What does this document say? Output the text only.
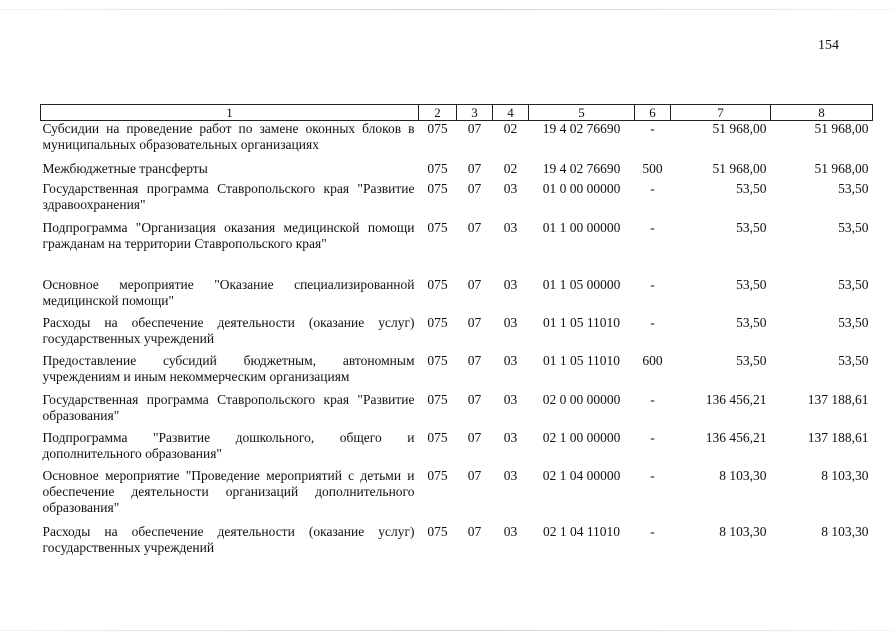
154
1	2	3	4	5	6	7	8
Субсидии на проведение работ по замене оконных блоков в муниципальных образовательных организациях	075	07	02	19 4 02 76690	-	51 968,00	51 968,00
Межбюджетные трансферты	075	07	02	19 4 02 76690	500	51 968,00	51 968,00
Государственная программа Ставропольского края "Развитие здравоохранения"	075	07	03	01 0 00 00000	-	53,50	53,50
Подпрограмма "Организация оказания медицинской помощи гражданам на территории Ставропольского края"	075	07	03	01 1 00 00000	-	53,50	53,50
Основное мероприятие "Оказание специализированной медицинской помощи"	075	07	03	01 1 05 00000	-	53,50	53,50
Расходы на обеспечение деятельности (оказание услуг) государственных учреждений	075	07	03	01 1 05 11010	-	53,50	53,50
Предоставление субсидий бюджетным, автономным учреждениям и иным некоммерческим организациям	075	07	03	01 1 05 11010	600	53,50	53,50
Государственная программа Ставропольского края "Развитие образования"	075	07	03	02 0 00 00000	-	136 456,21	137 188,61
Подпрограмма "Развитие дошкольного, общего и дополнительного образования"	075	07	03	02 1 00 00000	-	136 456,21	137 188,61
Основное мероприятие "Проведение мероприятий с детьми и обеспечение деятельности организаций дополнительного образования"	075	07	03	02 1 04 00000	-	8 103,30	8 103,30
Расходы на обеспечение деятельности (оказание услуг) государственных учреждений	075	07	03	02 1 04 11010	-	8 103,30	8 103,30
